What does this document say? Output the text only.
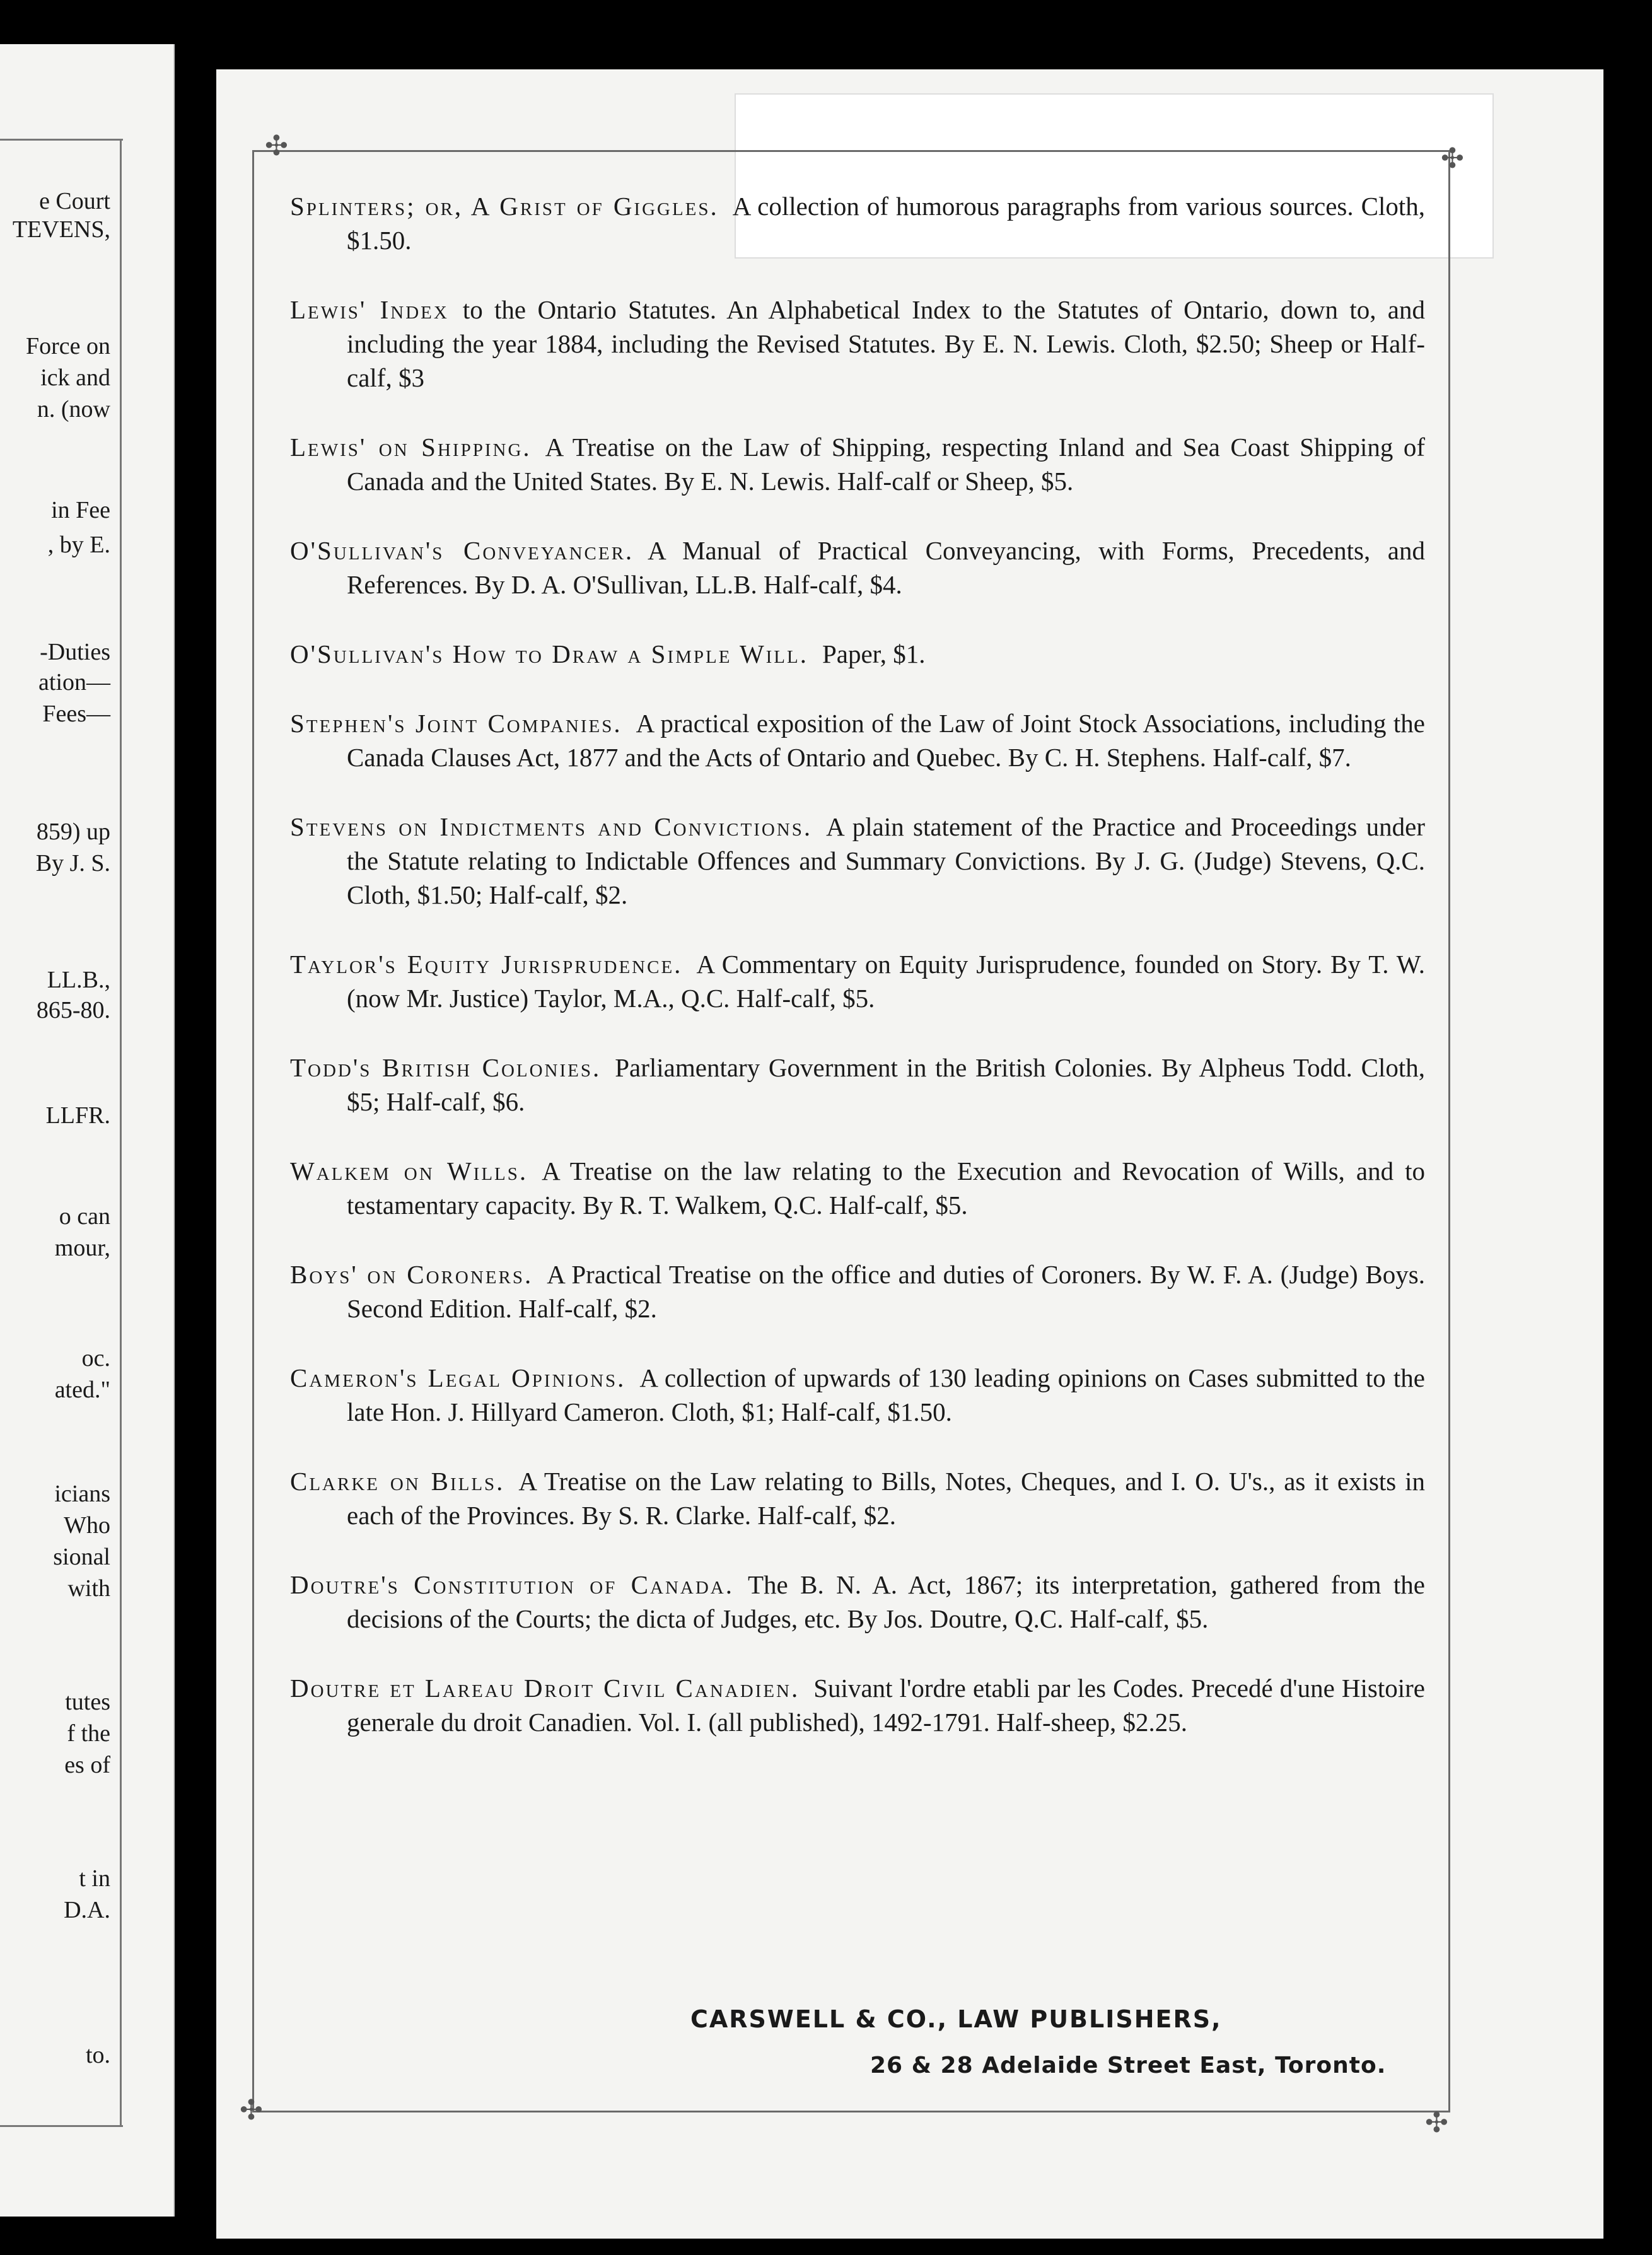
e Court
TEVENS,
Force on
ick and
n. (now
in Fee
, by E.
-Duties
ation—
Fees—
859) up
By J. S.
LL.B.,
865-80.
LLFR.
o can
mour,
oc.
ated."
icians
Who
sional
with
tutes
f the
es of
t in
D.A.
to.
✣	✣
✣	✣
Splinters; or, A Grist of Giggles. A collection of humorous paragraphs from various sources. Cloth, $1.50.
Lewis' Index to the Ontario Statutes. An Alphabetical Index to the Statutes of Ontario, down to, and including the year 1884, including the Revised Statutes. By E. N. Lewis. Cloth, $2.50; Sheep or Half-calf, $3
Lewis' on Shipping. A Treatise on the Law of Shipping, respecting Inland and Sea Coast Shipping of Canada and the United States. By E. N. Lewis. Half-calf or Sheep, $5.
O'Sullivan's Conveyancer. A Manual of Practical Conveyancing, with Forms, Precedents, and References. By D. A. O'Sullivan, LL.B. Half-calf, $4.
O'Sullivan's How to Draw a Simple Will. Paper, $1.
Stephen's Joint Companies. A practical exposition of the Law of Joint Stock Associations, including the Canada Clauses Act, 1877 and the Acts of Ontario and Quebec. By C. H. Stephens. Half-calf, $7.
Stevens on Indictments and Convictions. A plain statement of the Practice and Proceedings under the Statute relating to Indictable Offences and Summary Convictions. By J. G. (Judge) Stevens, Q.C. Cloth, $1.50; Half-calf, $2.
Taylor's Equity Jurisprudence. A Commentary on Equity Jurisprudence, founded on Story. By T. W. (now Mr. Justice) Taylor, M.A., Q.C. Half-calf, $5.
Todd's British Colonies. Parliamentary Government in the British Colonies. By Alpheus Todd. Cloth, $5; Half-calf, $6.
Walkem on Wills. A Treatise on the law relating to the Execution and Revocation of Wills, and to testamentary capacity. By R. T. Walkem, Q.C. Half-calf, $5.
Boys' on Coroners. A Practical Treatise on the office and duties of Coroners. By W. F. A. (Judge) Boys. Second Edition. Half-calf, $2.
Cameron's Legal Opinions. A collection of upwards of 130 leading opinions on Cases submitted to the late Hon. J. Hillyard Cameron. Cloth, $1; Half-calf, $1.50.
Clarke on Bills. A Treatise on the Law relating to Bills, Notes, Cheques, and I. O. U's., as it exists in each of the Provinces. By S. R. Clarke. Half-calf, $2.
Doutre's Constitution of Canada. The B. N. A. Act, 1867; its interpretation, gathered from the decisions of the Courts; the dicta of Judges, etc. By Jos. Doutre, Q.C. Half-calf, $5.
Doutre et Lareau Droit Civil Canadien. Suivant l'ordre etabli par les Codes. Precedé d'une Histoire generale du droit Canadien. Vol. I. (all published), 1492-1791. Half-sheep, $2.25.
CARSWELL & CO., LAW PUBLISHERS,
26 & 28 Adelaide Street East, Toronto.
